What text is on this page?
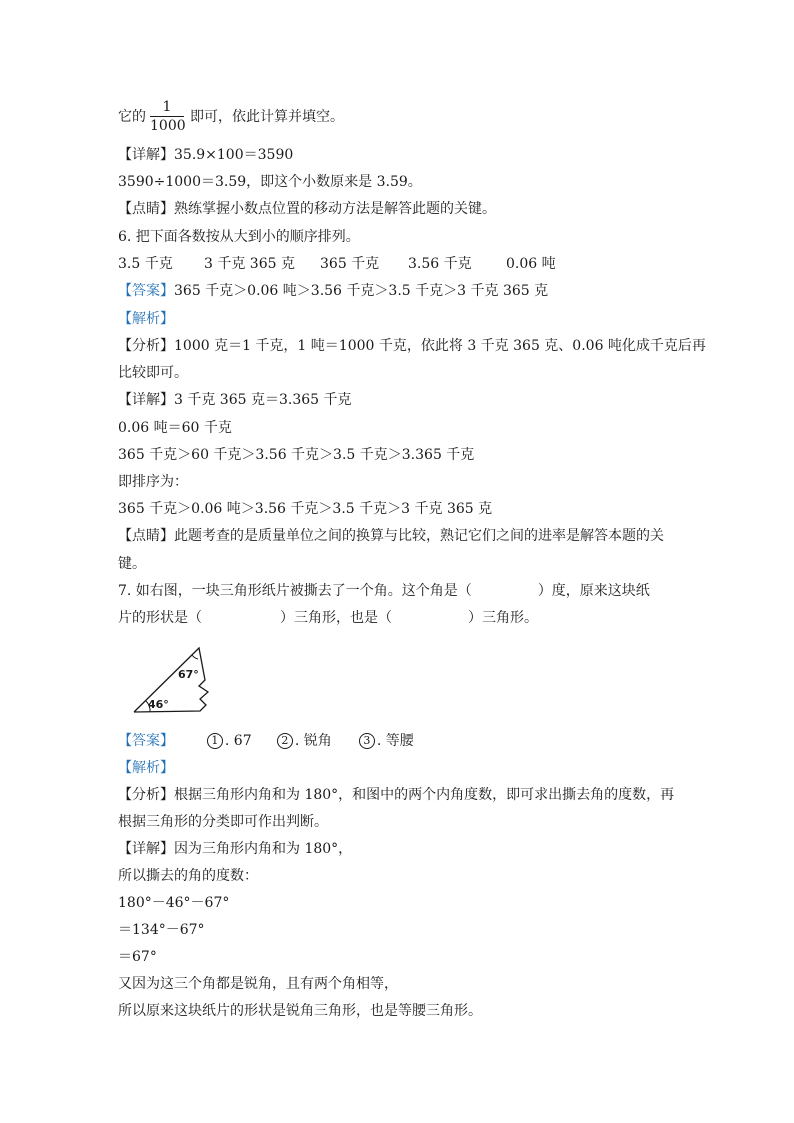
它的
1
1000
即可，依此计算并填空。
【详解】35.9×100＝3590
3590÷1000＝3.59，即这个小数原来是 3.59。
【点睛】熟练掌握小数点位置的移动方法是解答此题的关键。
6. 把下面各数按从大到小的顺序排列。
3.5 千克 3 千克 365 克 365 千克 3.56 千克 0.06 吨
【答案】365 千克＞0.06 吨＞3.56 千克＞3.5 千克＞3 千克 365 克
【解析】
【分析】1000 克＝1 千克，1 吨＝1000 千克，依此将 3 千克 365 克、0.06 吨化成千克后再
比较即可。
【详解】3 千克 365 克＝3.365 千克
0.06 吨＝60 千克
365 千克＞60 千克＞3.56 千克＞3.5 千克＞3.365 千克
即排序为：
365 千克＞0.06 吨＞3.56 千克＞3.5 千克＞3 千克 365 克
【点睛】此题考查的是质量单位之间的换算与比较，熟记它们之间的进率是解答本题的关
键。
7. 如右图，一块三角形纸片被撕去了一个角。这个角是（	）度，原来这块纸
片的形状是（	）三角形，也是（	）三角形。
67°
46°
【答案】	1 . 67	2 . 锐角	3 . 等腰
【解析】
【分析】根据三角形内角和为 180°，和图中的两个内角度数，即可求出撕去角的度数，再
根据三角形的分类即可作出判断。
【详解】因为三角形内角和为 180°，
所以撕去的角的度数：
180°－46°－67°
＝134°－67°
＝67°
又因为这三个角都是锐角，且有两个角相等，
所以原来这块纸片的形状是锐角三角形，也是等腰三角形。
